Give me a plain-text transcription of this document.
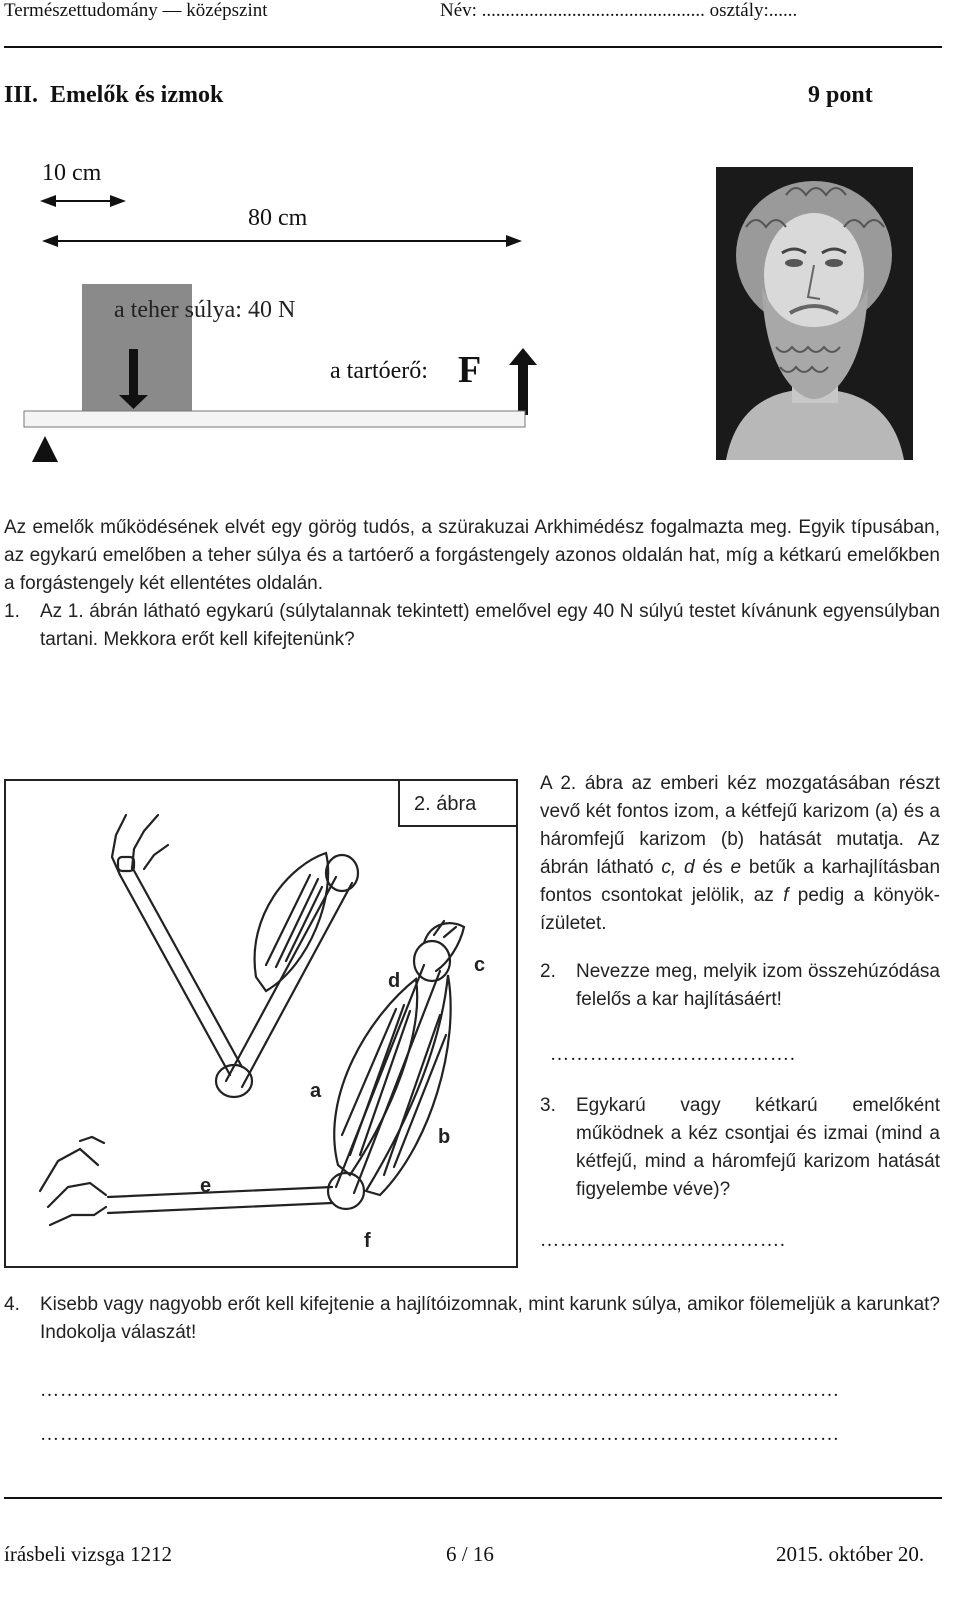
Természettudomány — középszint	Név: ............................................... osztály:......
III.  Emelők és izmok	9 pont
10 cm
80 cm
a teher súlya: 40 N
a tartóerő: F
Az emelők működésének elvét egy görög tudós, a szürakuzai Arkhimédész fogalmazta meg. Egyik típusában, az egykarú emelőben a teher súlya és a tartóerő a forgástengely azonos oldalán hat, míg a kétkarú emelőkben a forgástengely két ellentétes oldalán.
1. Az 1. ábrán látható egykarú (súlytalannak tekintett) emelővel egy 40 N súlyú testet kívánunk egyensúlyban tartani. Mekkora erőt kell kifejtenünk?
2. ábra
a
b
c
d
e
f
A 2. ábra az emberi kéz mozgatásában részt vevő két fontos izom, a kétfejű karizom (a) és a háromfejű karizom (b) hatását mutatja. Az ábrán látható c, d és e betűk a karhajlításban fontos csontokat jelölik, az f pedig a könyök-ízületet.
2. Nevezze meg, melyik izom összehúzódása felelős a kar hajlításáért!
……………………………….
3. Egykarú vagy kétkarú emelőként működnek a kéz csontjai és izmai (mind a kétfejű, mind a háromfejű karizom hatását figyelembe véve)?
……………………………….
4. Kisebb vagy nagyobb erőt kell kifejtenie a hajlítóizomnak, mint karunk súlya, amikor fölemeljük a karunkat? Indokolja válaszát!
…………………………………………………………………………………………………………
…………………………………………………………………………………………………………
írásbeli vizsga 1212	6 / 16	2015. október 20.
